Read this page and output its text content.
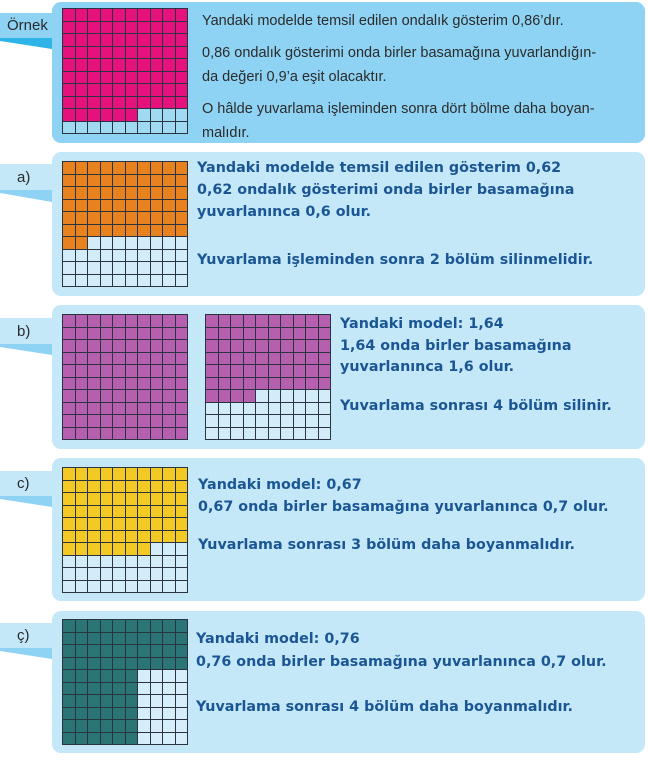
Örnek	Yandaki modelde temsil edilen ondalık gösterim 0,86’dır.
0,86 ondalık gösterimi onda birler basamağına yuvarlandığın-
da değeri 0,9’a eşit olacaktır.
O hâlde yuvarlama işleminden sonra dört bölme daha boyan-
malıdır.
a)
Yandaki modelde temsil edilen gösterim 0,62
0,62 ondalık gösterimi onda birler basamağına
yuvarlanınca 0,6 olur.
Yuvarlama işleminden sonra 2 bölüm silinmelidir.
b)	Yandaki model: 1,64
1,64 onda birler basamağına
yuvarlanınca 1,6 olur.
Yuvarlama sonrası 4 bölüm silinir.
c)	Yandaki model: 0,67
0,67 onda birler basamağına yuvarlanınca 0,7 olur.
Yuvarlama sonrası 3 bölüm daha boyanmalıdır.
ç)	Yandaki model: 0,76
0,76 onda birler basamağına yuvarlanınca 0,7 olur.
Yuvarlama sonrası 4 bölüm daha boyanmalıdır.
